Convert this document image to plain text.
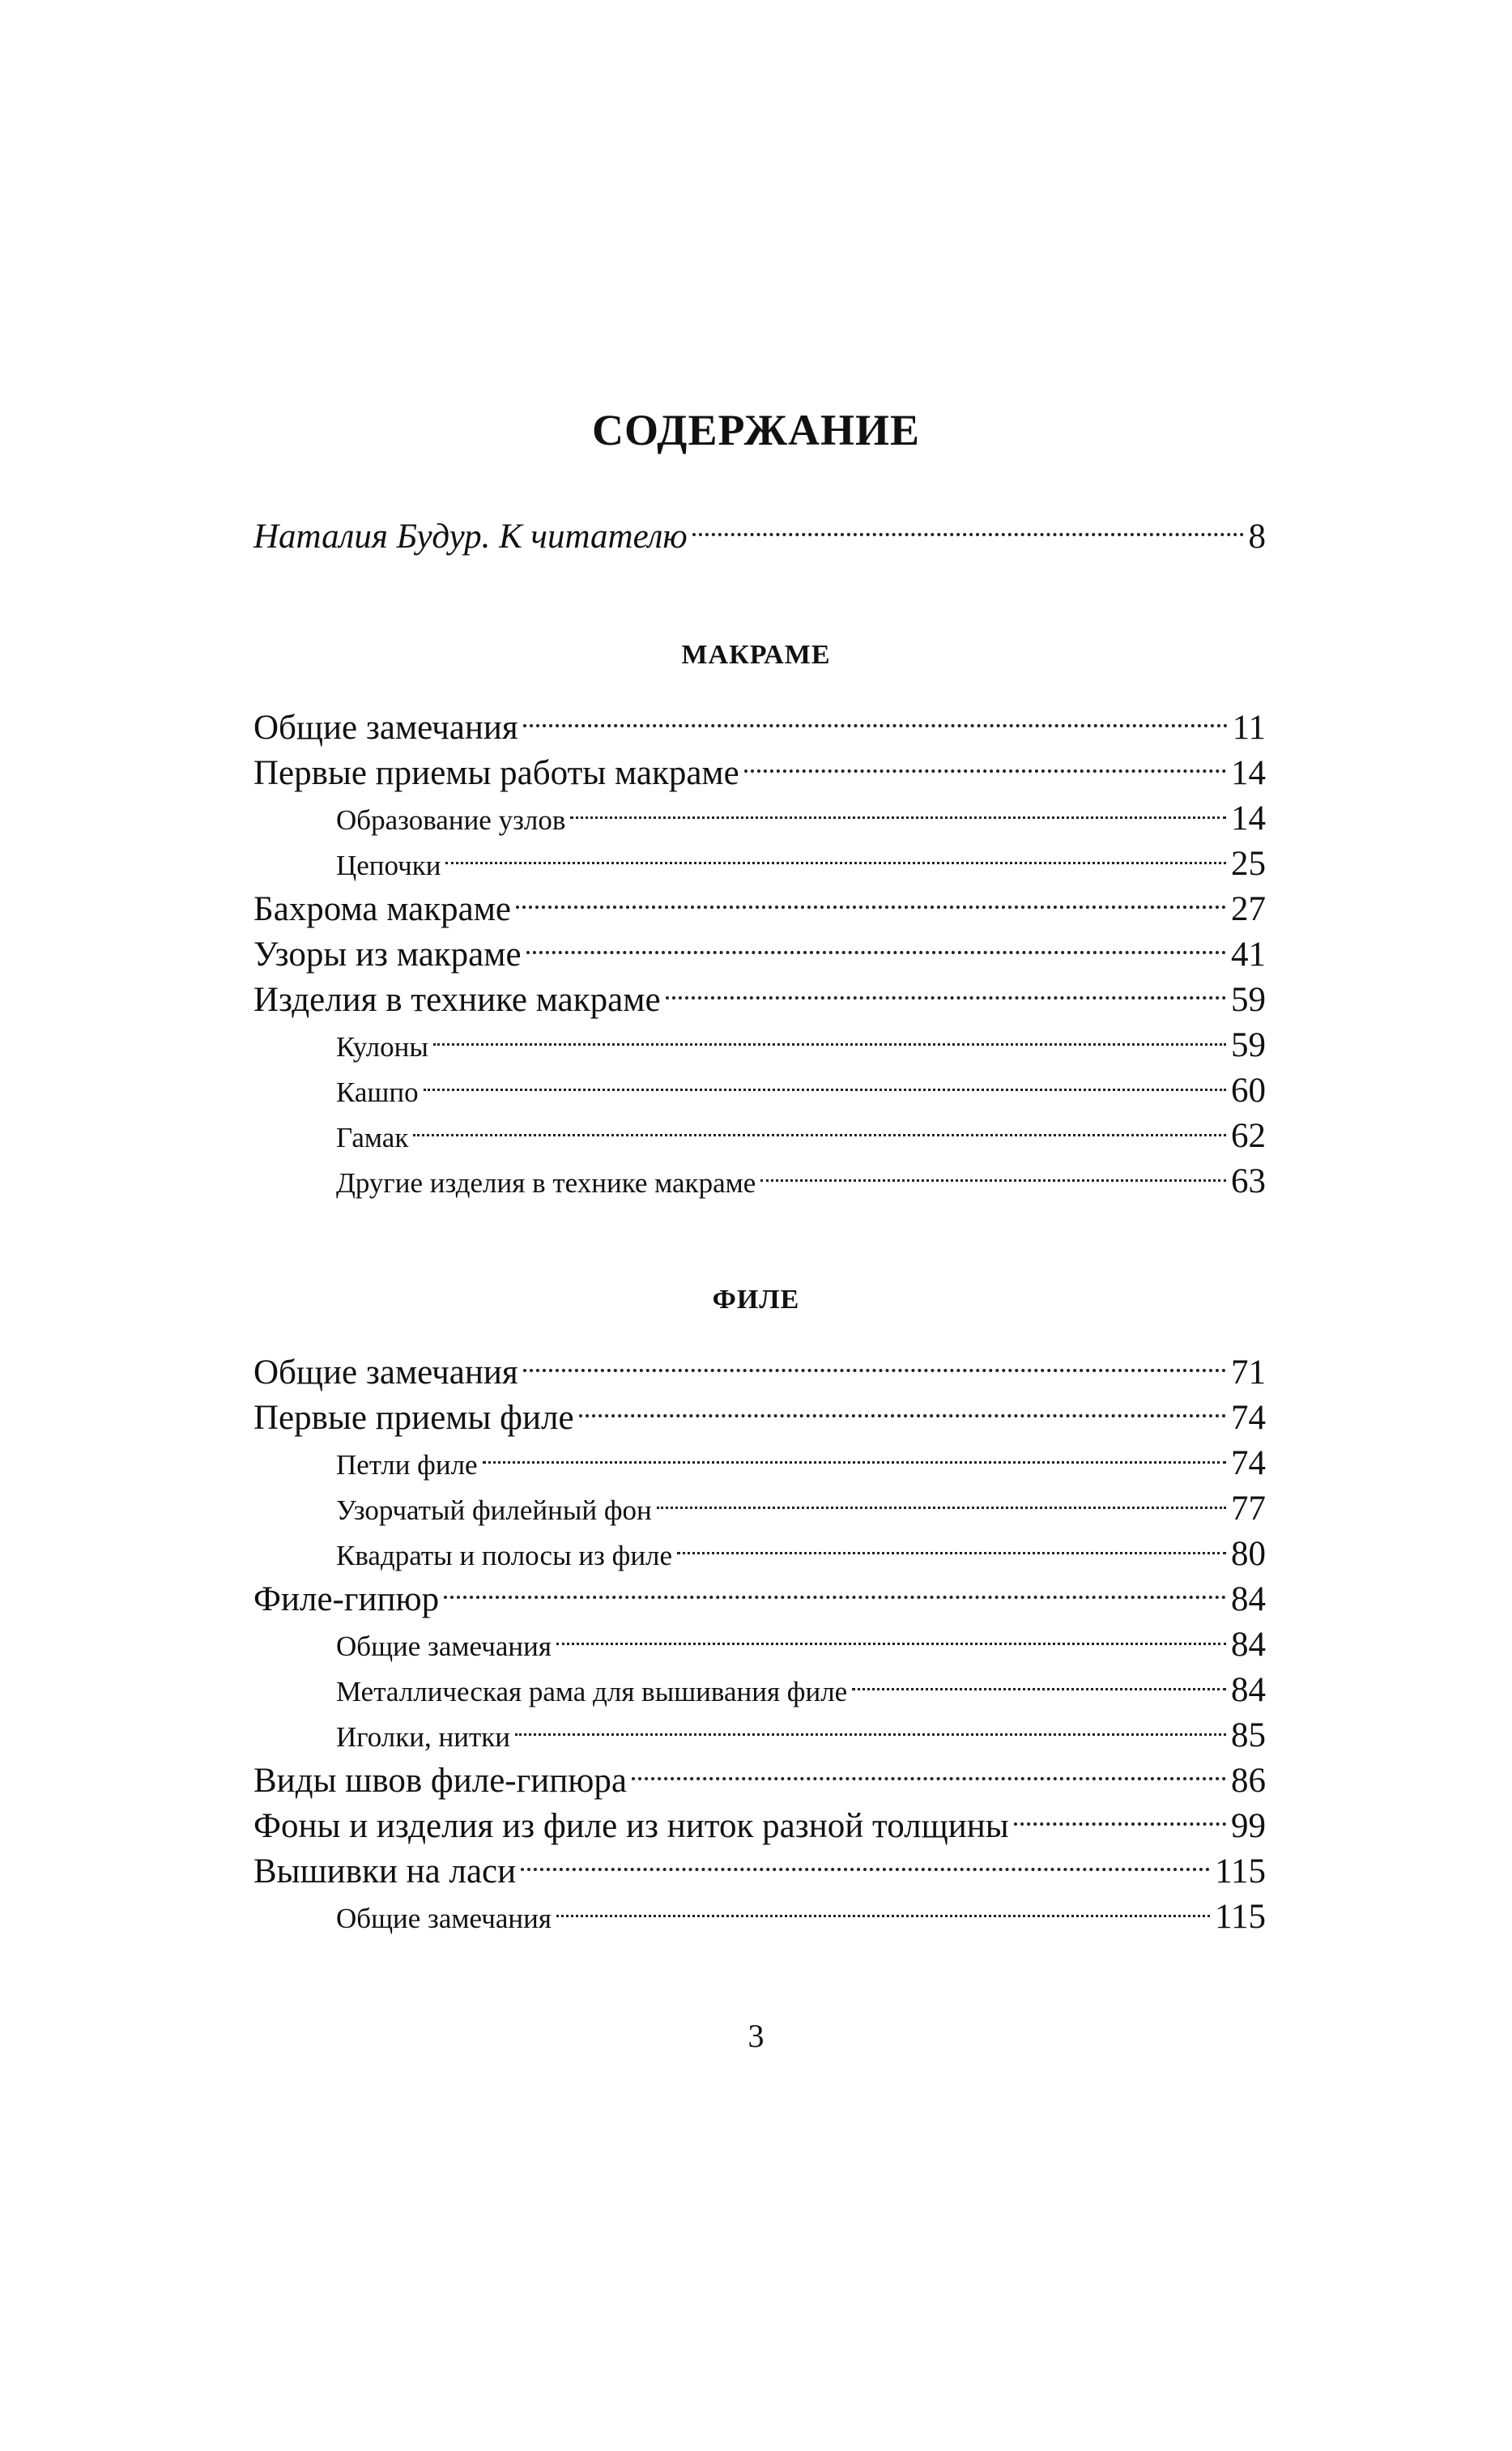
СОДЕРЖАНИЕ
Наталия Будур. К читателю	8
МАКРАМЕ
Общие замечания	11
Первые приемы работы макраме	14
Образование узлов	14
Цепочки	25
Бахрома макраме	27
Узоры из макраме	41
Изделия в технике макраме	59
Кулоны	59
Кашпо	60
Гамак	62
Другие изделия в технике макраме	63
ФИЛЕ
Общие замечания	71
Первые приемы филе	74
Петли филе	74
Узорчатый филейный фон	77
Квадраты и полосы из филе	80
Филе-гипюр	84
Общие замечания	84
Металлическая рама для вышивания филе	84
Иголки, нитки	85
Виды швов филе-гипюра	86
Фоны и изделия из филе из ниток разной толщины	99
Вышивки на ласи	115
Общие замечания	115
3
